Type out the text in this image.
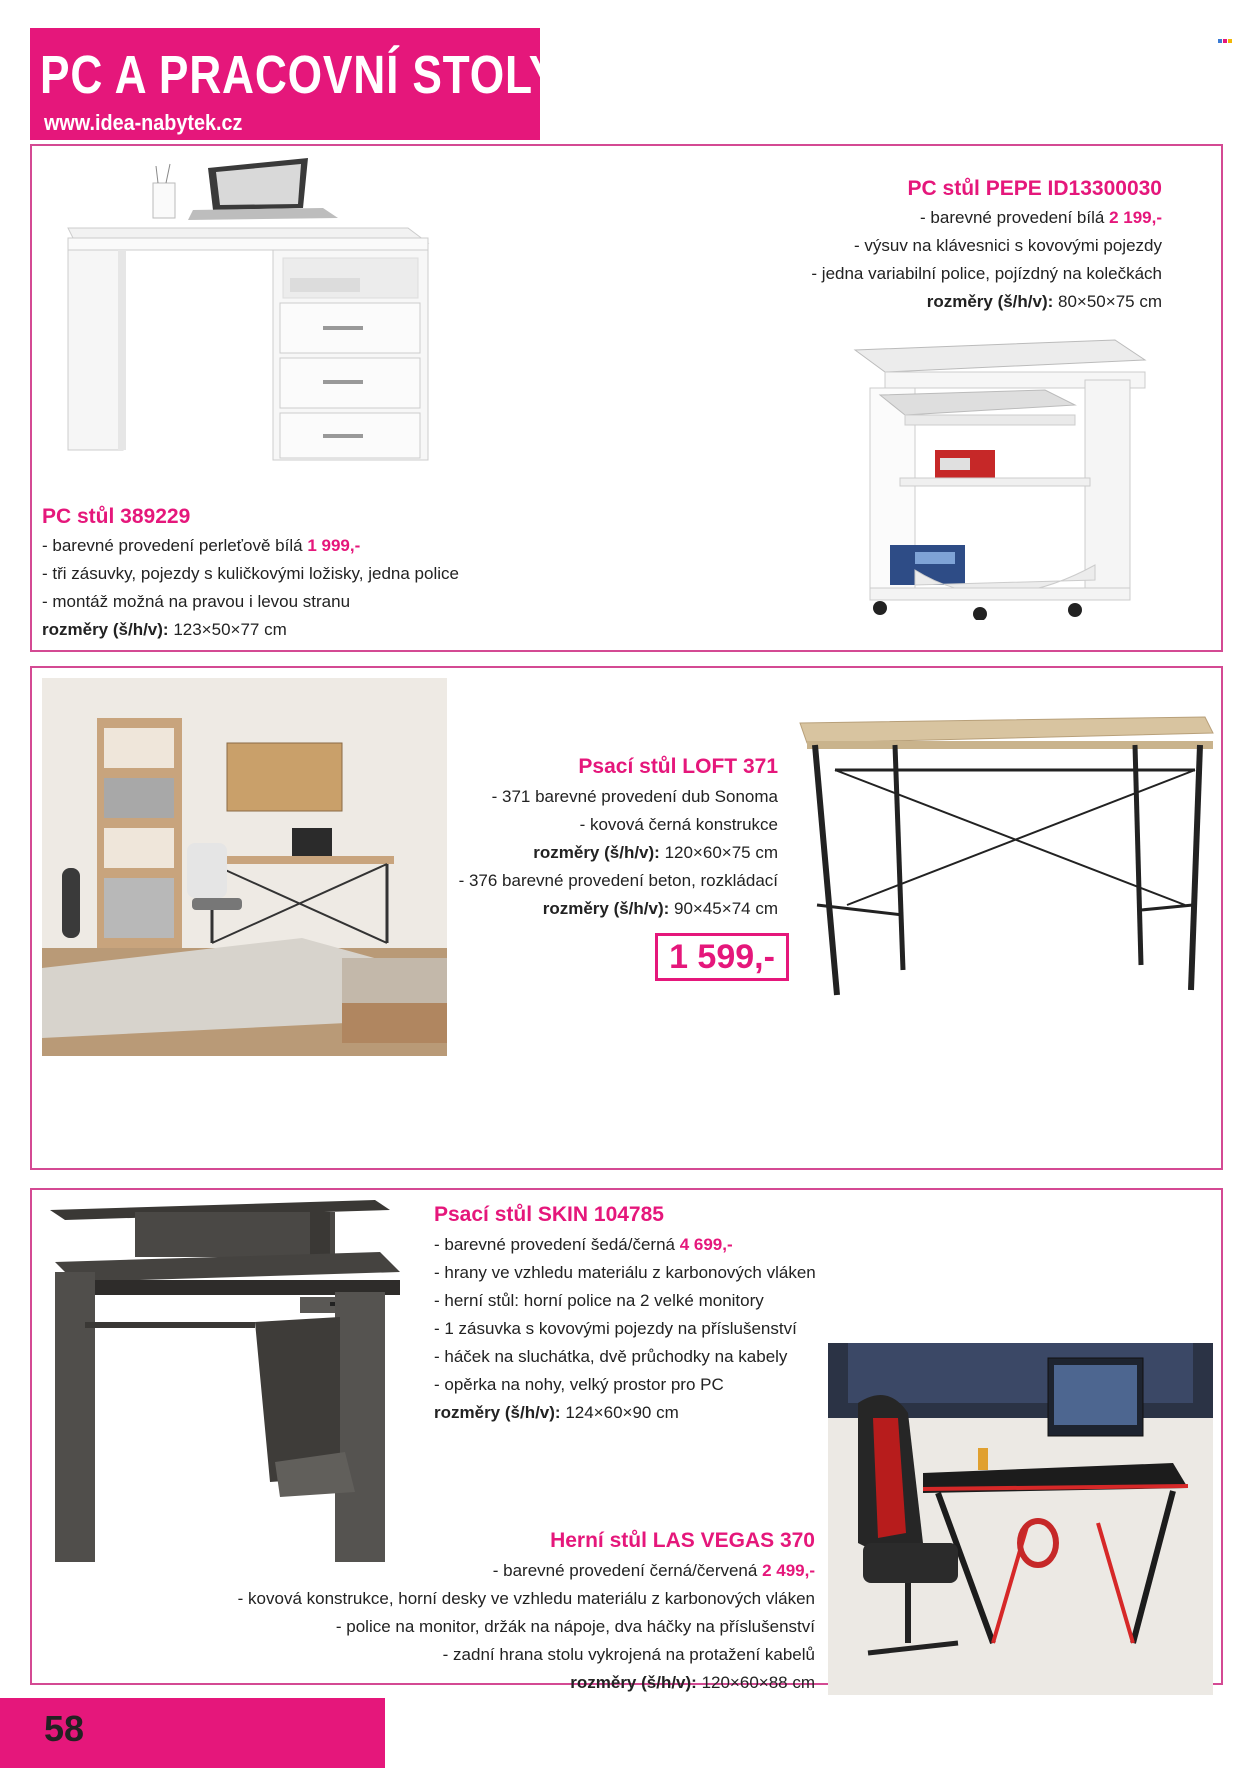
PC A PRACOVNÍ STOLY
www.idea-nabytek.cz
PC stůl PEPE ID13300030
- barevné provedení bílá 2 199,-
- výsuv na klávesnici s kovovými pojezdy
- jedna variabilní police, pojízdný na kolečkách
rozměry (š/h/v): 80×50×75 cm
PC stůl 389229
- barevné provedení perleťově bílá 1 999,-
- tři zásuvky, pojezdy s kuličkovými ložisky, jedna police
- montáž možná na pravou i levou stranu
rozměry (š/h/v): 123×50×77 cm
Psací stůl LOFT 371
- 371 barevné provedení dub Sonoma
- kovová černá konstrukce
rozměry (š/h/v): 120×60×75 cm
- 376 barevné provedení beton, rozkládací
rozměry (š/h/v): 90×45×74 cm
1 599,-
Psací stůl SKIN 104785
- barevné provedení šedá/černá 4 699,-
- hrany ve vzhledu materiálu z karbonových vláken
- herní stůl: horní police na 2 velké monitory
- 1 zásuvka s kovovými pojezdy na příslušenství
- háček na sluchátka, dvě průchodky na kabely
- opěrka na nohy, velký prostor pro PC
rozměry (š/h/v): 124×60×90 cm
Herní stůl LAS VEGAS 370
- barevné provedení černá/červená 2 499,-
- kovová konstrukce, horní desky ve vzhledu materiálu z karbonových vláken
- police na monitor, držák na nápoje, dva háčky na příslušenství
- zadní hrana stolu vykrojená na protažení kabelů
rozměry (š/h/v): 120×60×88 cm
58
